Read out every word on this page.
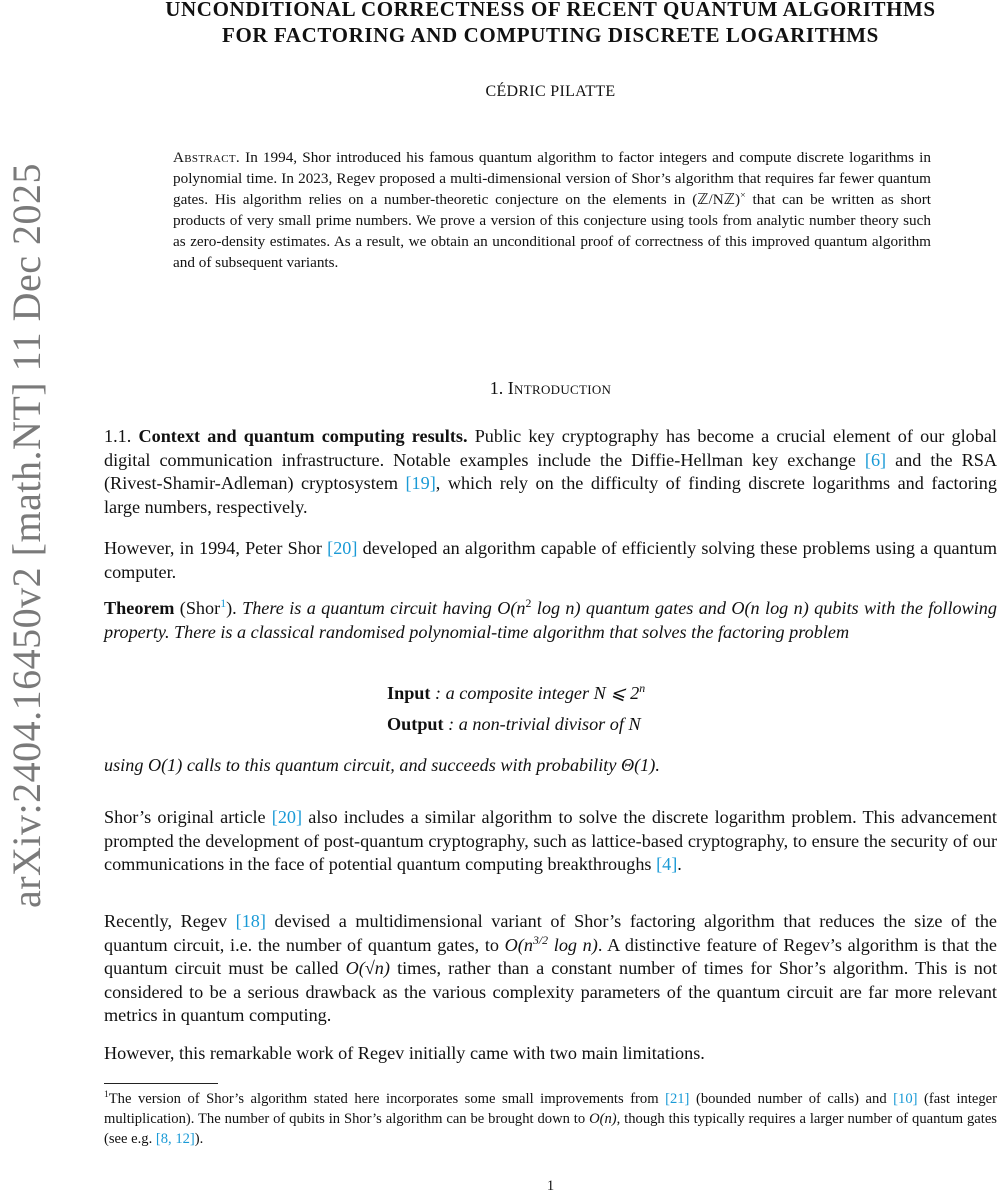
arXiv:2404.16450v2 [math.NT] 11 Dec 2025
UNCONDITIONAL CORRECTNESS OF RECENT QUANTUM ALGORITHMS
FOR FACTORING AND COMPUTING DISCRETE LOGARITHMS
CÉDRIC PILATTE
Abstract. In 1994, Shor introduced his famous quantum algorithm to factor integers and compute discrete logarithms in polynomial time. In 2023, Regev proposed a multi-dimensional version of Shor’s algorithm that requires far fewer quantum gates. His algorithm relies on a number-theoretic conjecture on the elements in (ℤ/Nℤ)× that can be written as short products of very small prime numbers. We prove a version of this conjecture using tools from analytic number theory such as zero-density estimates. As a result, we obtain an unconditional proof of correctness of this improved quantum algorithm and of subsequent variants.
1. Introduction

1.1. Context and quantum computing results. Public key cryptography has become a crucial element of our global digital communication infrastructure. Notable examples include the Diffie-Hellman key exchange [6] and the RSA (Rivest-Shamir-Adleman) cryptosystem [19], which rely on the difficulty of finding discrete logarithms and factoring large numbers, respectively.

However, in 1994, Peter Shor [20] developed an algorithm capable of efficiently solving these problems using a quantum computer.

Theorem (Shor$^1$). There is a quantum circuit having $O(n^2$ log n) quantum gates and O(n log n) qubits with the following property. There is a classical randomised polynomial-time algorithm that solves the factoring problem

Input : a composite integer N ⩽ 2$^n$
Output : a non-trivial divisor of N

using O(1) calls to this quantum circuit, and succeeds with probability Θ(1).

Shor’s original article [20] also includes a similar algorithm to solve the discrete logarithm problem. This advancement prompted the development of post-quantum cryptography, such as lattice-based cryptography, to ensure the security of our communications in the face of potential quantum computing breakthroughs [4].

Recently, Regev [18] devised a multidimensional variant of Shor’s factoring algorithm that reduces the size of the quantum circuit, i.e. the number of quantum gates, to $O(n^{3/2}$ log n). A distinctive feature of Regev’s algorithm is that the quantum circuit must be called O(√n) times, rather than a constant number of times for Shor’s algorithm. This is not considered to be a serious drawback as the various complexity parameters of the quantum circuit are far more relevant metrics in quantum computing.

However, this remarkable work of Regev initially came with two main limitations.

$^1$The version of Shor’s algorithm stated here incorporates some small improvements from [21] (bounded number of calls) and [10] (fast integer multiplication). The number of qubits in Shor’s algorithm can be brought down to O(n), though this typically requires a larger number of quantum gates (see e.g. [8, 12]).
1
